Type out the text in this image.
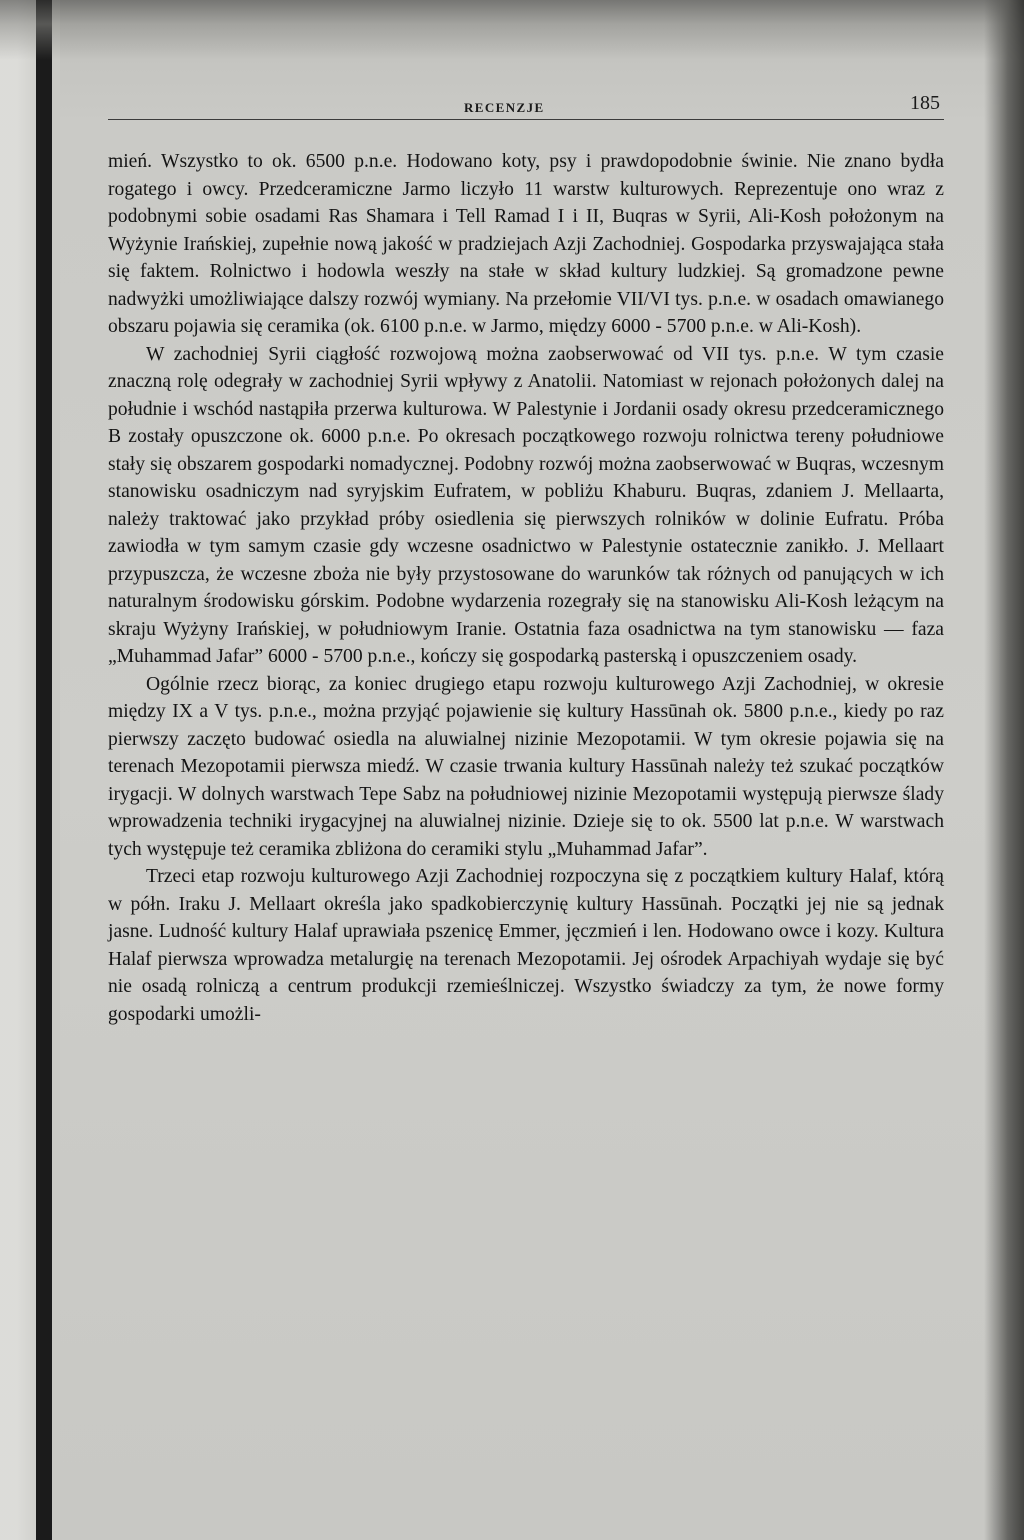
RECENZJE	185

mień. Wszystko to ok. 6500 p.n.e. Hodowano koty, psy i prawdopodobnie świnie. Nie znano bydła rogatego i owcy. Przedceramiczne Jarmo liczyło 11 warstw kulturowych. Reprezentuje ono wraz z podobnymi sobie osadami Ras Shamara i Tell Ramad I i II, Buqras w Syrii, Ali-Kosh położonym na Wyżynie Irańskiej, zupełnie nową jakość w pradziejach Azji Zachodniej. Gospodarka przyswajająca stała się faktem. Rolnictwo i hodowla weszły na stałe w skład kultury ludzkiej. Są gromadzone pewne nadwyżki umożliwiające dalszy rozwój wymiany. Na przełomie VII/VI tys. p.n.e. w osadach omawianego obszaru pojawia się ceramika (ok. 6100 p.n.e. w Jarmo, między 6000 - 5700 p.n.e. w Ali-Kosh).

W zachodniej Syrii ciągłość rozwojową można zaobserwować od VII tys. p.n.e. W tym czasie znaczną rolę odegrały w zachodniej Syrii wpływy z Anatolii. Natomiast w rejonach położonych dalej na południe i wschód nastąpiła przerwa kulturowa. W Palestynie i Jordanii osady okresu przedceramicznego B zostały opuszczone ok. 6000 p.n.e. Po okresach początkowego rozwoju rolnictwa tereny południowe stały się obszarem gospodarki nomadycznej. Podobny rozwój można zaobserwować w Buqras, wczesnym stanowisku osadniczym nad syryjskim Eufratem, w pobliżu Khaburu. Buqras, zdaniem J. Mellaarta, należy traktować jako przykład próby osiedlenia się pierwszych rolników w dolinie Eufratu. Próba zawiodła w tym samym czasie gdy wczesne osadnictwo w Palestynie ostatecznie zanikło. J. Mellaart przypuszcza, że wczesne zboża nie były przystosowane do warunków tak różnych od panujących w ich naturalnym środowisku górskim. Podobne wydarzenia rozegrały się na stanowisku Ali-Kosh leżącym na skraju Wyżyny Irańskiej, w południowym Iranie. Ostatnia faza osadnictwa na tym stanowisku — faza „Muhammad Jafar” 6000 - 5700 p.n.e., kończy się gospodarką pasterską i opuszczeniem osady.

Ogólnie rzecz biorąc, za koniec drugiego etapu rozwoju kulturowego Azji Zachodniej, w okresie między IX a V tys. p.n.e., można przyjąć pojawienie się kultury Hassūnah ok. 5800 p.n.e., kiedy po raz pierwszy zaczęto budować osiedla na aluwialnej nizinie Mezopotamii. W tym okresie pojawia się na terenach Mezopotamii pierwsza miedź. W czasie trwania kultury Hassūnah należy też szukać początków irygacji. W dolnych warstwach Tepe Sabz na południowej nizinie Mezopotamii występują pierwsze ślady wprowadzenia techniki irygacyjnej na aluwialnej nizinie. Dzieje się to ok. 5500 lat p.n.e. W warstwach tych występuje też ceramika zbliżona do ceramiki stylu „Muhammad Jafar”.

Trzeci etap rozwoju kulturowego Azji Zachodniej rozpoczyna się z początkiem kultury Halaf, którą w półn. Iraku J. Mellaart określa jako spadkobierczynię kultury Hassūnah. Początki jej nie są jednak jasne. Ludność kultury Halaf uprawiała pszenicę Emmer, jęczmień i len. Hodowano owce i kozy. Kultura Halaf pierwsza wprowadza metalurgię na terenach Mezopotamii. Jej ośrodek Arpachiyah wydaje się być nie osadą rolniczą a centrum produkcji rzemieślniczej. Wszystko świadczy za tym, że nowe formy gospodarki umożli-
